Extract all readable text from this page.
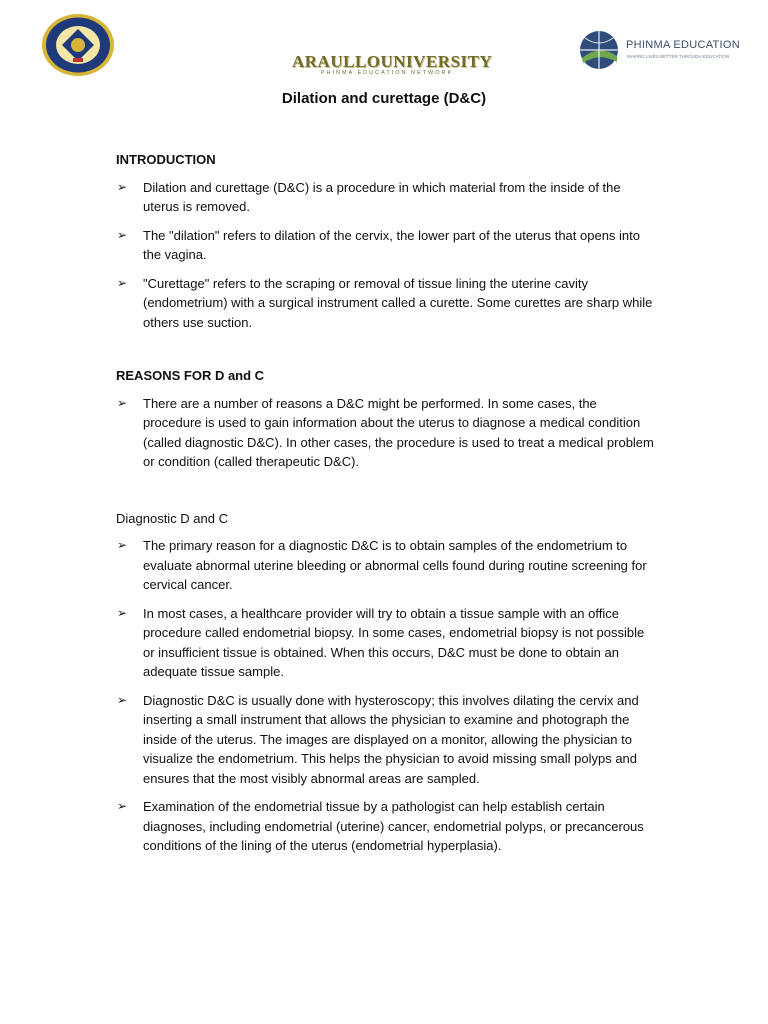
ARAULLOUNIVERSITY
PHINMA EDUCATION NETWORK
PHINMA EDUCATION
MAKING LIVES BETTER THROUGH EDUCATION
Dilation and curettage (D&C)
INTRODUCTION
➢ Dilation and curettage (D&C) is a procedure in which material from the inside of the uterus is removed.
➢ The "dilation" refers to dilation of the cervix, the lower part of the uterus that opens into the vagina.
➢ "Curettage" refers to the scraping or removal of tissue lining the uterine cavity (endometrium) with a surgical instrument called a curette. Some curettes are sharp while others use suction.
REASONS FOR D and C
➢ There are a number of reasons a D&C might be performed. In some cases, the procedure is used to gain information about the uterus to diagnose a medical condition (called diagnostic D&C). In other cases, the procedure is used to treat a medical problem or condition (called therapeutic D&C).
Diagnostic D and C
➢ The primary reason for a diagnostic D&C is to obtain samples of the endometrium to evaluate abnormal uterine bleeding or abnormal cells found during routine screening for cervical cancer.
➢ In most cases, a healthcare provider will try to obtain a tissue sample with an office procedure called endometrial biopsy. In some cases, endometrial biopsy is not possible or insufficient tissue is obtained. When this occurs, D&C must be done to obtain an adequate tissue sample.
➢ Diagnostic D&C is usually done with hysteroscopy; this involves dilating the cervix and inserting a small instrument that allows the physician to examine and photograph the inside of the uterus. The images are displayed on a monitor, allowing the physician to visualize the endometrium. This helps the physician to avoid missing small polyps and ensures that the most visibly abnormal areas are sampled.
➢ Examination of the endometrial tissue by a pathologist can help establish certain diagnoses, including endometrial (uterine) cancer, endometrial polyps, or precancerous conditions of the lining of the uterus (endometrial hyperplasia).
